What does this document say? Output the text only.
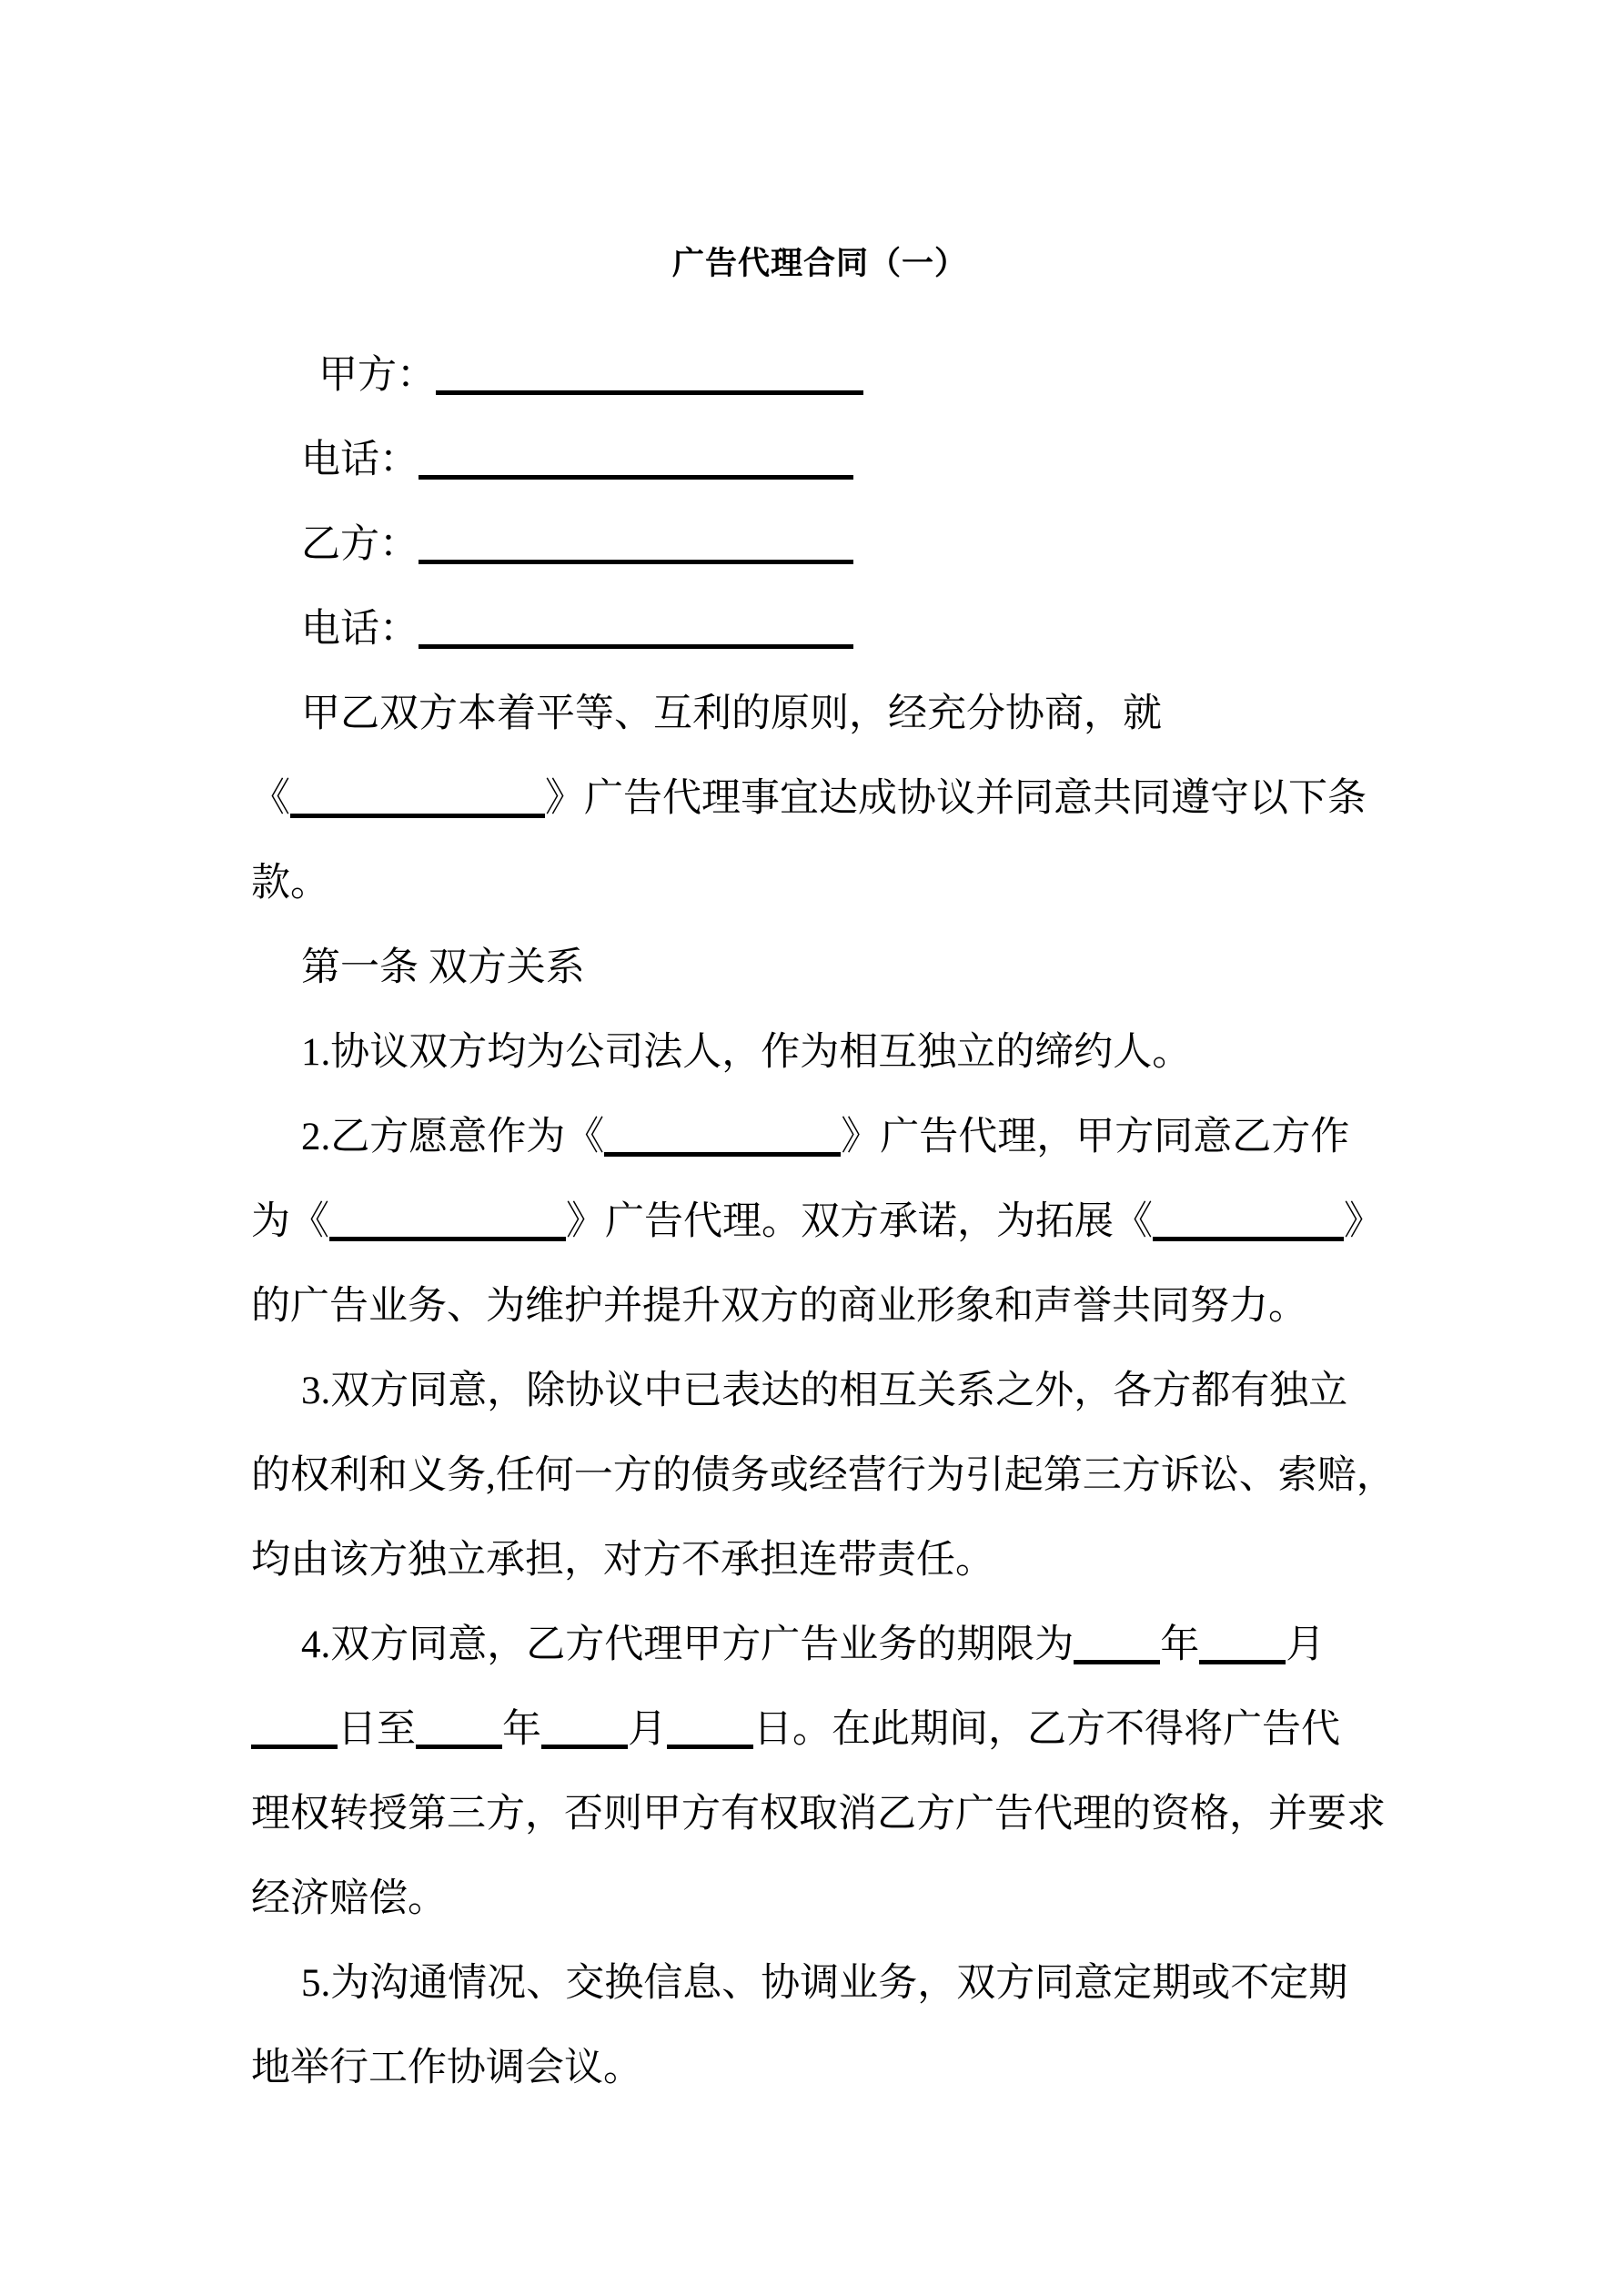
广告代理合同（一）
甲方：
电话：
乙方：
电话：
甲乙双方本着平等、互利的原则，经充分协商，就
《	》广告代理事宜达成协议并同意共同遵守以下条
款。
第一条 双方关系
1.协议双方均为公司法人，作为相互独立的缔约人。
2.乙方愿意作为《	》广告代理，甲方同意乙方作
为《	》广告代理。双方承诺，为拓展《	》
的广告业务、为维护并提升双方的商业形象和声誉共同努力。
3.双方同意，除协议中已表达的相互关系之外，各方都有独立
的权利和义务,任何一方的债务或经营行为引起第三方诉讼、索赔，
均由该方独立承担，对方不承担连带责任。
4.双方同意，乙方代理甲方广告业务的期限为 年 月
日至 年 月 日。在此期间，乙方不得将广告代
理权转授第三方，否则甲方有权取消乙方广告代理的资格，并要求
经济赔偿。
5.为沟通情况、交换信息、协调业务，双方同意定期或不定期
地举行工作协调会议。
